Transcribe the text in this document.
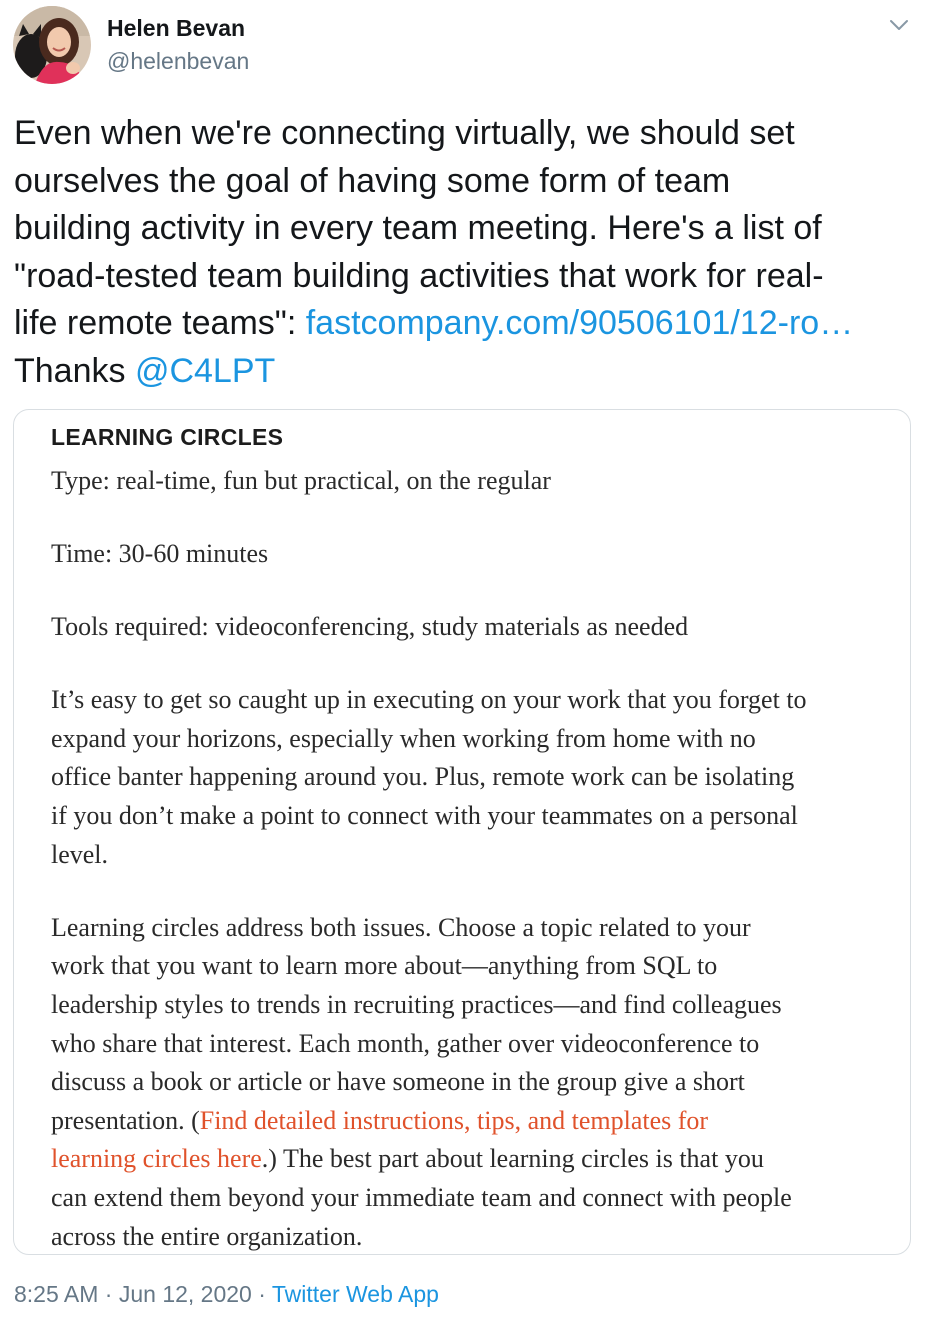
Helen Bevan
@helenbevan
Even when we're connecting virtually, we should set
ourselves the goal of having some form of team
building activity in every team meeting. Here's a list of
"road-tested team building activities that work for real-
life remote teams": fastcompany.com/90506101/12-ro…
Thanks @C4LPT
LEARNING CIRCLES
Type: real-time, fun but practical, on the regular
Time: 30-60 minutes
Tools required: videoconferencing, study materials as needed
It’s easy to get so caught up in executing on your work that you forget to
expand your horizons, especially when working from home with no
office banter happening around you. Plus, remote work can be isolating
if you don’t make a point to connect with your teammates on a personal
level.
Learning circles address both issues. Choose a topic related to your
work that you want to learn more about—anything from SQL to
leadership styles to trends in recruiting practices—and find colleagues
who share that interest. Each month, gather over videoconference to
discuss a book or article or have someone in the group give a short
presentation. (Find detailed instructions, tips, and templates for
learning circles here.) The best part about learning circles is that you
can extend them beyond your immediate team and connect with people
across the entire organization.
8:25 AM · Jun 12, 2020 · Twitter Web App
